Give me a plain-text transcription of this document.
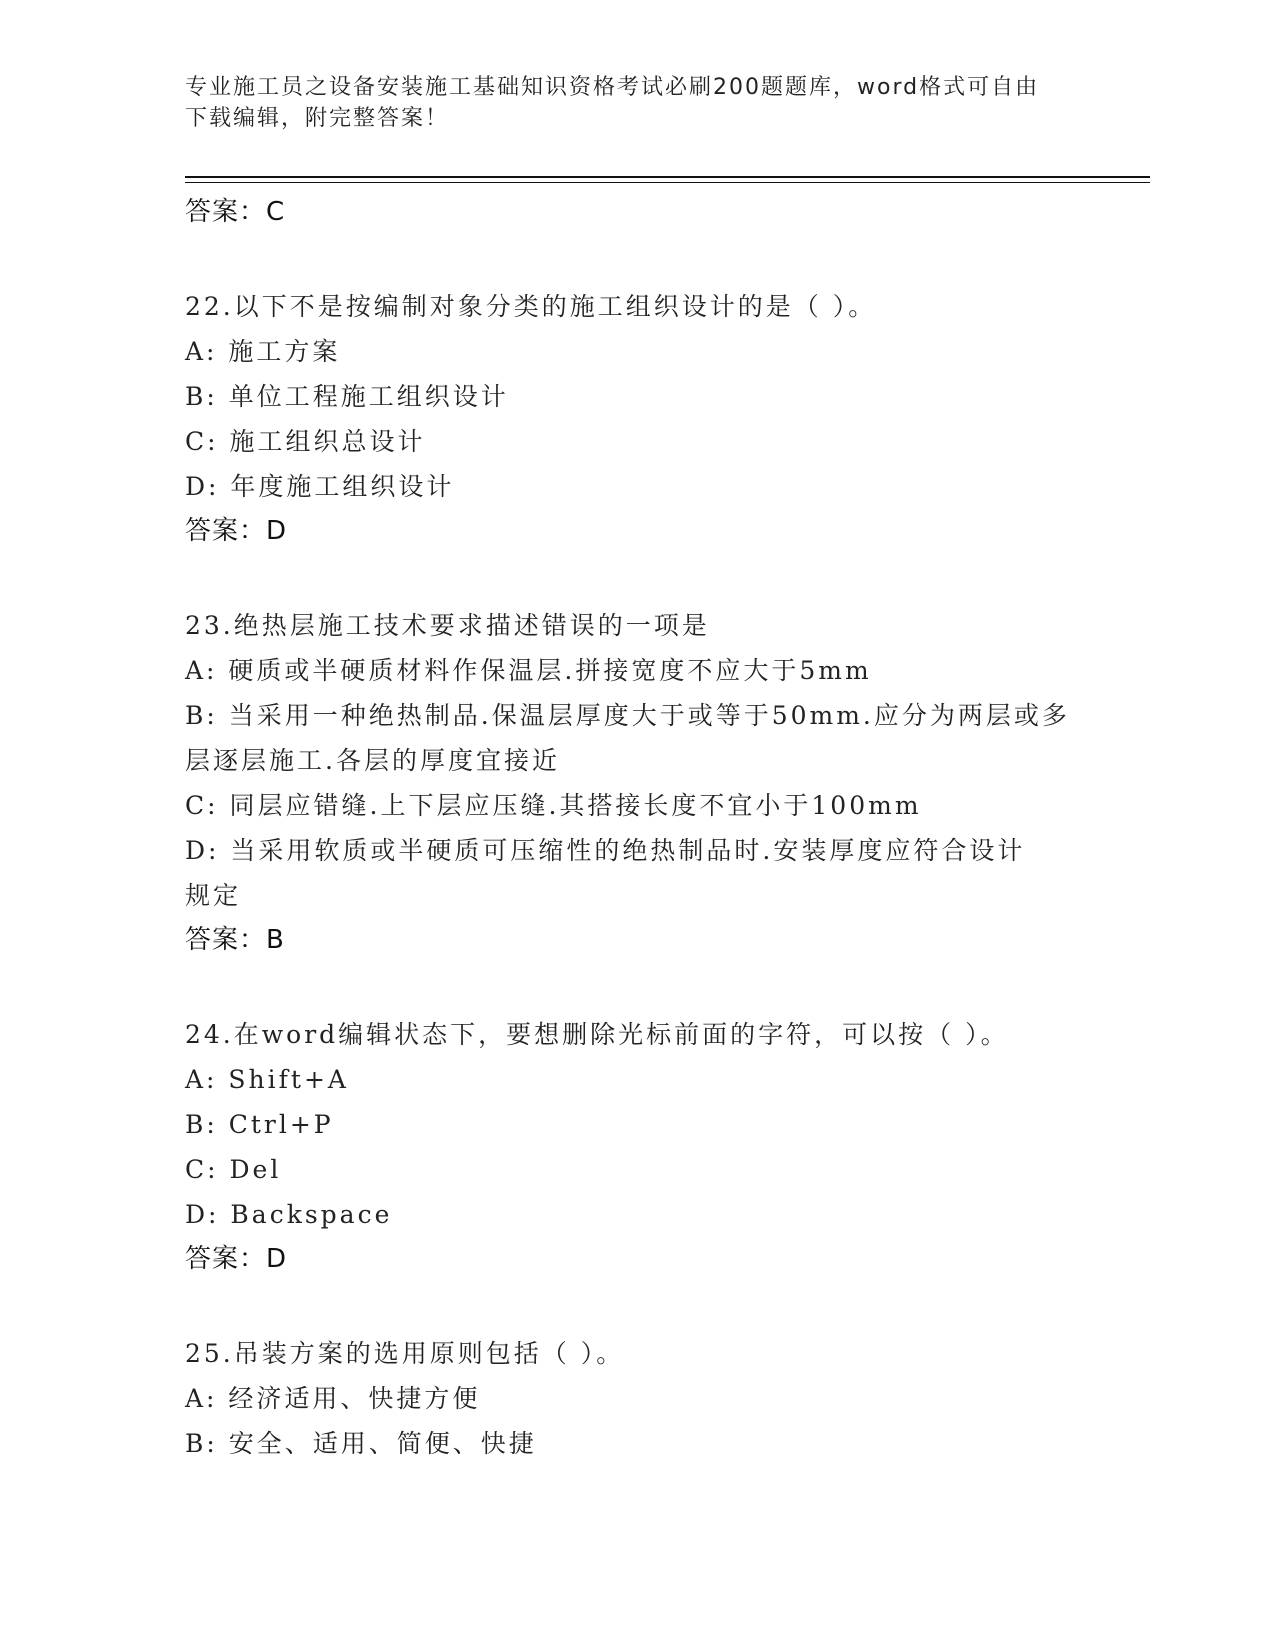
专业施工员之设备安装施工基础知识资格考试必刷200题题库，word格式可自由
下载编辑，附完整答案！
答案：C
22.以下不是按编制对象分类的施工组织设计的是（ ）。
A: 施工方案
B: 单位工程施工组织设计
C: 施工组织总设计
D: 年度施工组织设计
答案：D
23.绝热层施工技术要求描述错误的一项是
A: 硬质或半硬质材料作保温层.拼接宽度不应大于5mm
B: 当采用一种绝热制品.保温层厚度大于或等于50mm.应分为两层或多
层逐层施工.各层的厚度宜接近
C: 同层应错缝.上下层应压缝.其搭接长度不宜小于100mm
D: 当采用软质或半硬质可压缩性的绝热制品时.安装厚度应符合设计
规定
答案：B
24.在word编辑状态下，要想删除光标前面的字符，可以按（ ）。
A: Shift+A
B: Ctrl+P
C: Del
D: Backspace
答案：D
25.吊装方案的选用原则包括（ ）。
A: 经济适用、快捷方便
B: 安全、适用、简便、快捷
